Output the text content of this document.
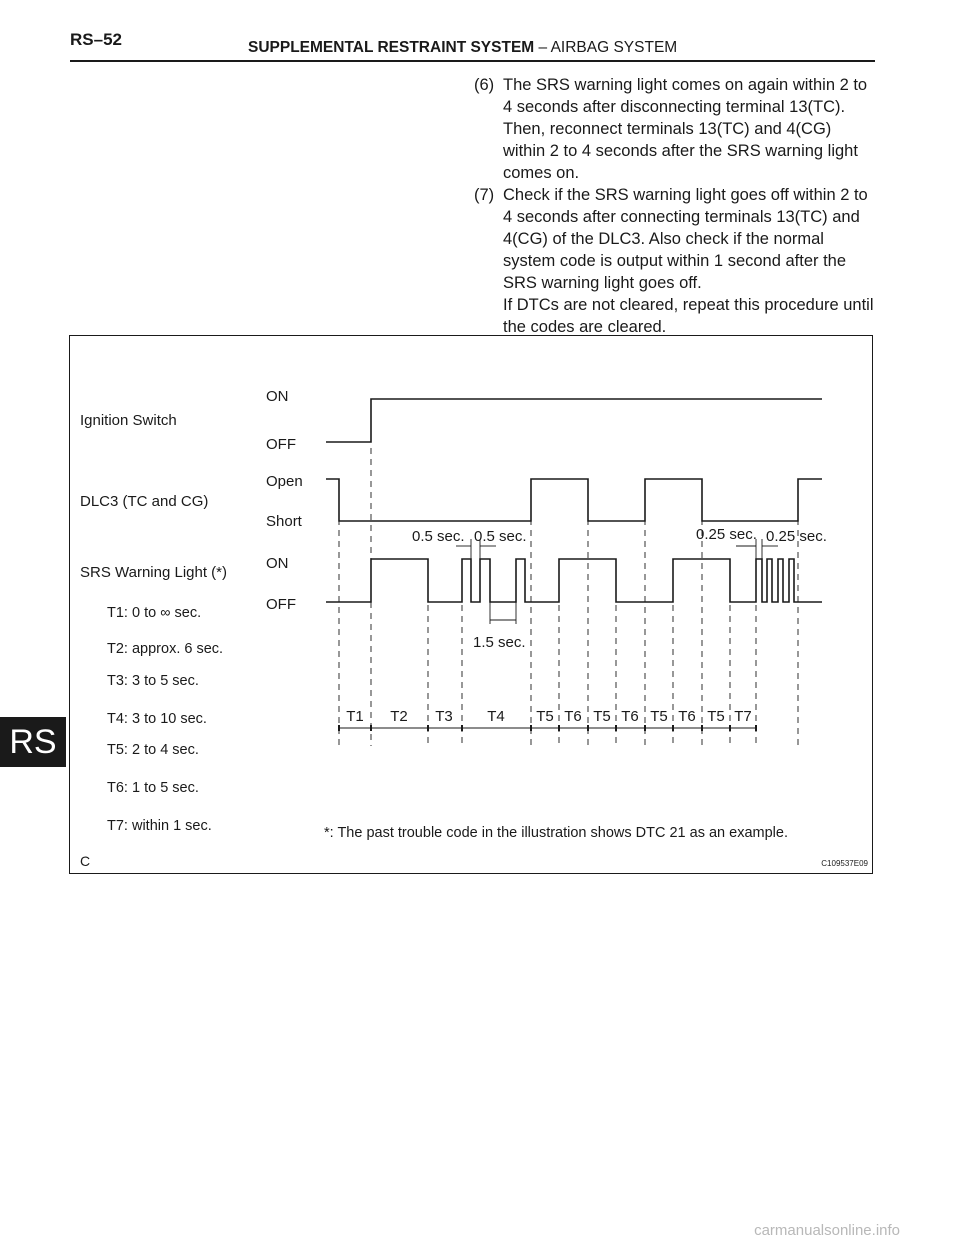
RS–52	SUPPLEMENTAL RESTRAINT SYSTEM – AIRBAG SYSTEM
RS
(6) The SRS warning light comes on again within 2 to 4 seconds after disconnecting terminal 13(TC). Then, reconnect terminals 13(TC) and 4(CG) within 2 to 4 seconds after the SRS warning light comes on.

(7) Check if the SRS warning light goes off within 2 to 4 seconds after connecting terminals 13(TC) and 4(CG) of the DLC3. Also check if the normal system code is output within 1 second after the SRS warning light goes off.

If DTCs are not cleared, repeat this procedure until the codes are cleared.

Ignition Switch
DLC3 (TC and CG)
SRS Warning Light (*)
ON
OFF
Open
Short
ON
OFF
T1: 0 to ∞ sec.
T2: approx. 6 sec.
T3: 3 to 5 sec.
T4: 3 to 10 sec.
T5: 2 to 4 sec.
T6: 1 to 5 sec.
T7: within 1 sec.
0.5 sec. 0.5 sec.
1.5 sec.
0.25 sec. 0.25 sec.
T1 T2 T3 T4 T5 T6 T5 T6 T5 T6 T5 T7
*: The past trouble code in the illustration shows DTC 21 as an example.
C	C109537E09
carmanualsonline.info
